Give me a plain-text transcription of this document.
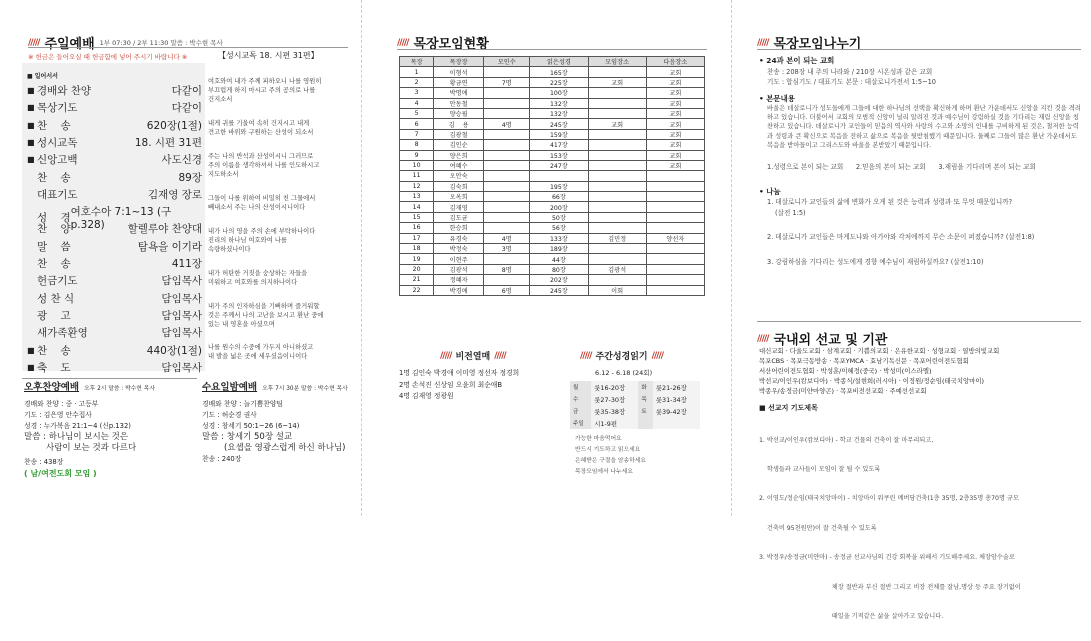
///// 주일예배 1부 07:30 / 2부 11:30 말씀 : 박수현 목사
※ 헌금은 들어오실 때 헌금함에 넣어 주시기 바랍니다 ※
■ 일어서서
■ 경배와 찬양	다같이
■ 목상기도	다같이
■ 찬    송	620장(1절)
■ 성시교독	18. 시편 31편
■ 신앙고백	사도신경
찬    송	89장
대표기도	김재영 장로
성    경 여호수아 7:1~13 (구p.328)
찬    양	할렐루야 찬양대
말    씀	탐욕을 이기라
찬    송	411장
헌금기도	담임목사
성 찬 식	담임목사
광    고	담임목사
새가족환영	담임목사
■ 찬    송	440장(1절)
■ 축    도	담임목사
【성시교독 18. 시편 31편】
여호와여 내가 주께 피하오니 나를 영원히
부끄럽게 하지 마시고 주의 공의로 나를
건지소서
내게 귀를 기울여 속히 건지시고 내게
견고한 바위와 구원하는 산성이 되소서
주는 나의 반석과 산성이시니 그러므로
주의 이름을 생각하셔서 나를 인도하시고
지도하소서
그들이 나를 위하여 비밀히 친 그물에서
빼내소서 주는 나의 산성이시니이다
내가 나의 영을 주의 손에 부탁하나이다
진리의 하나님 여호와여 나를
속량하셨나이다
내가 허탄한 거짓을 숭상하는 자들을
미워하고 여호와를 의지하나이다
내가 주의 인자하심을 기뻐하며 즐거워할
것은 주께서 나의 고난을 보시고 환난 중에
있는 내 영혼을 아셨으며
나를 원수의 수중에 가두지 아니하셨고
내 발을 넓은 곳에 세우셨음이니이다
오후찬양예배 오후 2시 말씀 : 박수현 목사
경배와 찬양 : 중 · 고등부
기도 : 김은영 안수집사
성경 : 누가복음 21:1~4 (신p.132)
말씀 : 하나님이 보시는 것은
사람이 보는 것과 다르다
찬송 : 438장
( 남/여전도회 모임 )
수요일밤예배 오후 7시 30분 말씀 : 박수현 목사
경배와 찬양 : 늘기쁨찬양팀
기도 : 허순경 권사
성경 : 창세기 50:1~26 (6~14)
말씀 : 창세기 50장 설교
(요셉을 영광스럽게 하신 하나님)
찬송 : 240장
///// 목장모임현황
목장	목장장	모인수	읽은성경	모임장소	다음장소
1	이형석		165장		교회
2	황금연	7명	225장	교회	교회
3	박명애		100장		교회
4	안동철		132장		교회
5	양승필		132장		교회
6	김    용	4명	245장	교회	교회
7	김광철		159장		교회
8	김인순		417장		교회
9	양은희		153장		교회
10	여혜수		247장		교회
11	오안숙				
12	김숙희		195장		
13	오옥희		66장		
14	김재영		200장		
15	김도균		50장		
16	한승희		56장		
17	유경숙	4명	133장	김민정	양선자
18	박정숙	3명	189장		
19	이현주		44장		
20	김광석	8명	80장	김광석	
21	정혜자		202장		
22	박경애	6명	245장	이회	
///// 비전열매 /////
1명 김인숙 박경애 이미영 정선자 정경희
2명 손석진 신상임 오윤희 최순애B
4명 김재영 정광원
///// 주간성경읽기 /////
6.12 - 6.18 (24회)
월	룻16-20장	화	룻21-26장
수	룻27-30장	목	룻31-34장
금	룻35-38장	토	룻39-42장
주일	시1-9편		
가능한 마음먹어요
반드시 기도하고 읽으세요
은혜받은 구절을 암송하세요
목장모임에서 나누세요
///// 목장모임나누기
• 24과 본이 되는 교회
찬송 : 208장 내 주의 나라와 / 210장 시온성과 같은 교회
기도 : 합심기도 / 대표기도 본문 : 데살로니가전서 1:5~10
• 본문내용
바울은 데살로니가 성도들에게 그들에 대한 하나님의 선택을 확신하게 하며 환난 가운데서도 신앙을 지킨 것을 격려하고 있습니다. 더불어서 교회의 모범적 신앙이 널리 알려진 것과 예수님이 강림하실 것을 기다리는 재림 신앙을 칭찬하고 있습니다. 데살로니가 교인들이 믿음의 역사와 사랑의 수고와 소망의 인내를 구비하게 된 것은, 철저한 능력과 성령과 큰 확신으로 복음을 전하고 삶으로 복음을 뒷받침했기 때문입니다. 둘째로 그들이 많은 환난 가운데서도 복음을 받아들이고 그리스도와 바울을 본받았기 때문입니다.
1.성령으로 본이 되는 교회      2.믿음의 본이 되는 교회      3.재림을 기다리며 본이 되는 교회
• 나눔
1. 데살로니가 교인들의 삶에 변화가 오게 된 것은 능력과 성령과 또 무엇 때문입니까?
(살전 1:5)
2. 데살로니가 교인들은 마게도냐와 아가야와 각처에까지 무슨 소문이 퍼졌습니까? (살전1:8)
3. 강림하심을 기다리는 성도에게 경향 예수님이 재림하실까요? (살전1:10)
///// 국내외 선교 및 기관
대신교회 · 다울도교회 · 삼계교회 · 기쁨의교회 · 은유한교회 · 성형교회 · 열방의빛교회
목포CBS · 목포극동방송 · 목포YMCA · 효남기독신문 · 목포어린이전도협회
서산어린이전도협회 · 박성훈/이혜정(중국) · 박성미(이스라엘)
박선교/이인우(캄보디아) · 박종식/설현희(러시아) · 이정원/정순임(태국치앙마이)
박종우/송정금(미얀마양곤) · 목포비전선교회 · 주예선선교회
■ 선교지 기도제목

1. 박선교/이인우(캄보디아) - 학교 건물의 건축이 잘 마무리되고,

학생들과 교사들이 모임이 잘 될 수 있도록

2. 이영도/정순임(태국치앙마이) - 치앙마이 워쿠린 메버당건축(1층 35명, 2층35명 총70명 규모

건축비 95천원만)이 잘 건축될 수 있도록

3. 박정우/송정금(미얀마) - 송정금 선교사님의 건강 회복을 위해서 기도해주세요. 체장암수술로

체장 절반과 부신 절반 그리고 비장 전체를 잘남,명상 등 주요 장기없이

때일을 기적같은 삶을 살아가고 있습니다.
